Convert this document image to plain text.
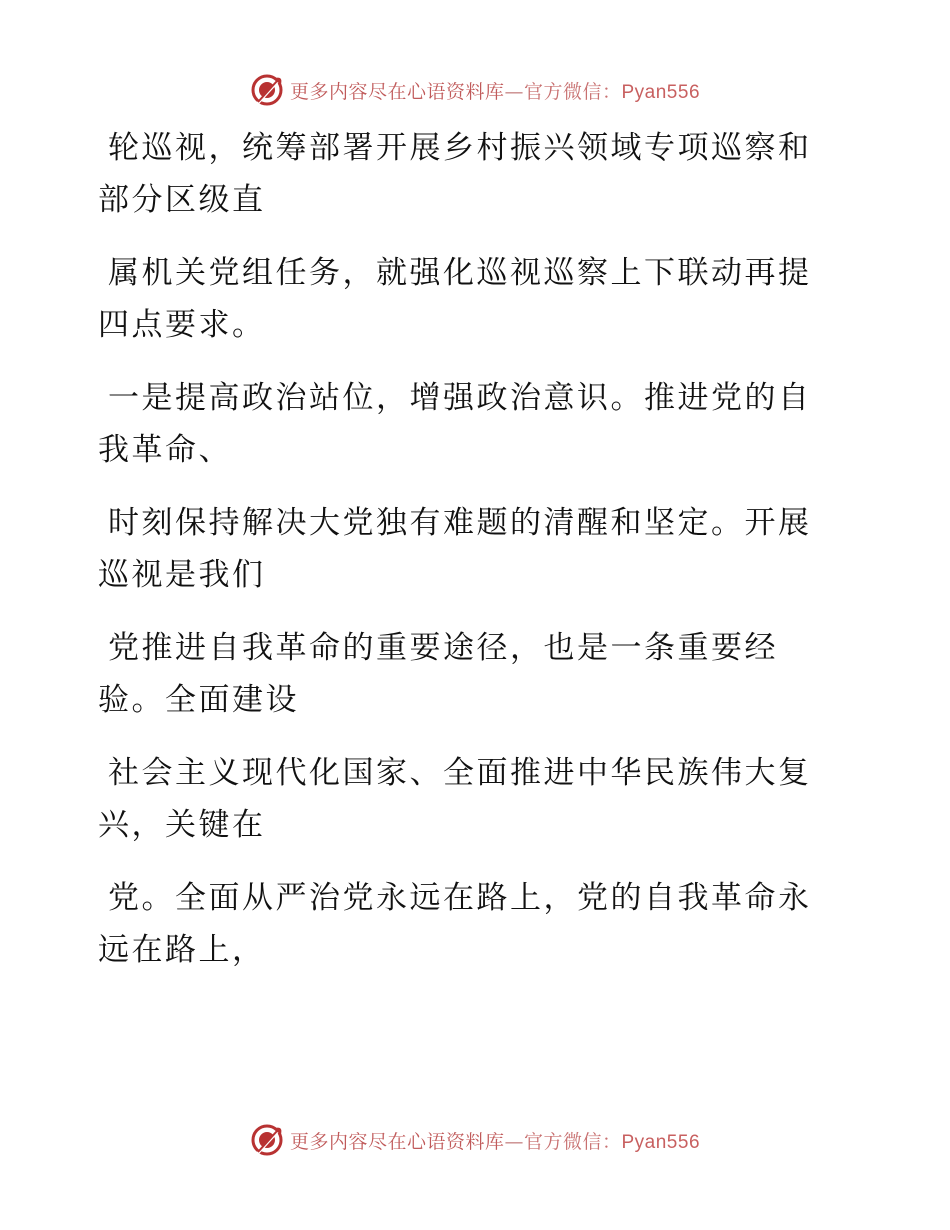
更多内容尽在心语资料库—官方微信：Pyan556

轮巡视，统筹部署开展乡村振兴领域专项巡察和
部分区级直

属机关党组任务，就强化巡视巡察上下联动再提
四点要求。

一是提高政治站位，增强政治意识。推进党的自
我革命、

时刻保持解决大党独有难题的清醒和坚定。开展
巡视是我们

党推进自我革命的重要途径，也是一条重要经
验。全面建设

社会主义现代化国家、全面推进中华民族伟大复
兴，关键在

党。全面从严治党永远在路上，党的自我革命永
远在路上，

更多内容尽在心语资料库—官方微信：Pyan556
